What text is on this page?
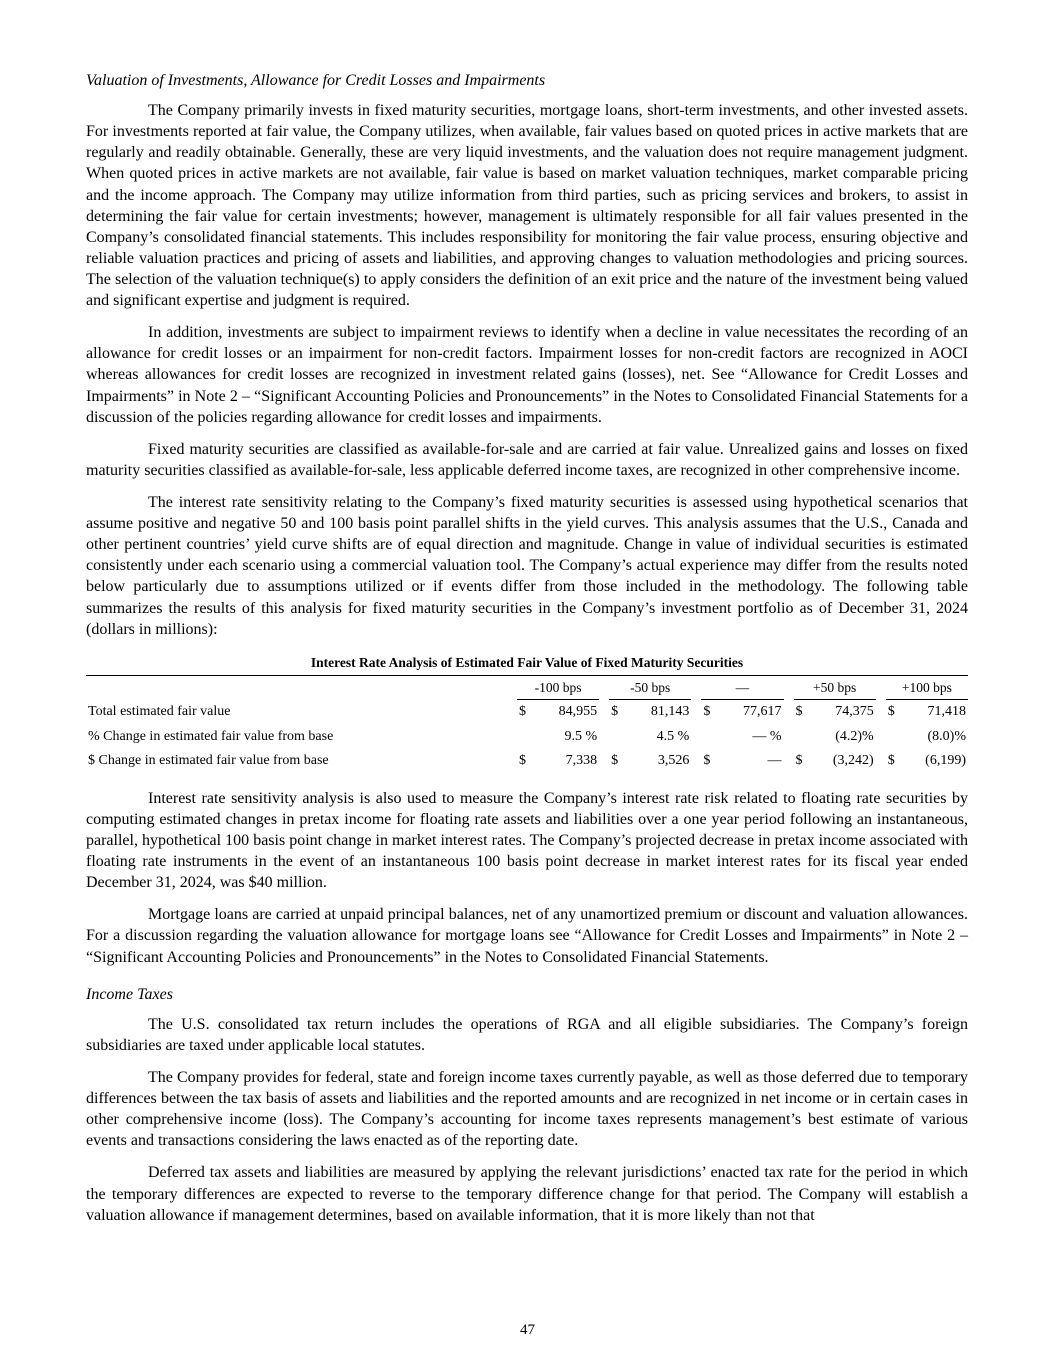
Valuation of Investments, Allowance for Credit Losses and Impairments

The Company primarily invests in fixed maturity securities, mortgage loans, short-term investments, and other invested assets. For investments reported at fair value, the Company utilizes, when available, fair values based on quoted prices in active markets that are regularly and readily obtainable. Generally, these are very liquid investments, and the valuation does not require management judgment. When quoted prices in active markets are not available, fair value is based on market valuation techniques, market comparable pricing and the income approach. The Company may utilize information from third parties, such as pricing services and brokers, to assist in determining the fair value for certain investments; however, management is ultimately responsible for all fair values presented in the Company’s consolidated financial statements. This includes responsibility for monitoring the fair value process, ensuring objective and reliable valuation practices and pricing of assets and liabilities, and approving changes to valuation methodologies and pricing sources. The selection of the valuation technique(s) to apply considers the definition of an exit price and the nature of the investment being valued and significant expertise and judgment is required.

In addition, investments are subject to impairment reviews to identify when a decline in value necessitates the recording of an allowance for credit losses or an impairment for non-credit factors. Impairment losses for non-credit factors are recognized in AOCI whereas allowances for credit losses are recognized in investment related gains (losses), net. See “Allowance for Credit Losses and Impairments” in Note 2 – “Significant Accounting Policies and Pronouncements” in the Notes to Consolidated Financial Statements for a discussion of the policies regarding allowance for credit losses and impairments.

Fixed maturity securities are classified as available-for-sale and are carried at fair value. Unrealized gains and losses on fixed maturity securities classified as available-for-sale, less applicable deferred income taxes, are recognized in other comprehensive income.

The interest rate sensitivity relating to the Company’s fixed maturity securities is assessed using hypothetical scenarios that assume positive and negative 50 and 100 basis point parallel shifts in the yield curves. This analysis assumes that the U.S., Canada and other pertinent countries’ yield curve shifts are of equal direction and magnitude. Change in value of individual securities is estimated consistently under each scenario using a commercial valuation tool. The Company’s actual experience may differ from the results noted below particularly due to assumptions utilized or if events differ from those included in the methodology. The following table summarizes the results of this analysis for fixed maturity securities in the Company’s investment portfolio as of December 31, 2024 (dollars in millions):

Interest Rate Analysis of Estimated Fair Value of Fixed Maturity Securities
	-100 bps			-50 bps			—			+50 bps			+100 bps	
Total estimated fair value	$	84,955		$	81,143		$	77,617		$	74,375		$	71,418
% Change in estimated fair value from base		9.5 %			4.5 %			— %			(4.2)%			(8.0)%
$ Change in estimated fair value from base	$	7,338		$	3,526		$	—		$	(3,242)		$	(6,199)

Interest rate sensitivity analysis is also used to measure the Company’s interest rate risk related to floating rate securities by computing estimated changes in pretax income for floating rate assets and liabilities over a one year period following an instantaneous, parallel, hypothetical 100 basis point change in market interest rates. The Company’s projected decrease in pretax income associated with floating rate instruments in the event of an instantaneous 100 basis point decrease in market interest rates for its fiscal year ended December 31, 2024, was $40 million.

Mortgage loans are carried at unpaid principal balances, net of any unamortized premium or discount and valuation allowances. For a discussion regarding the valuation allowance for mortgage loans see “Allowance for Credit Losses and Impairments” in Note 2 – “Significant Accounting Policies and Pronouncements” in the Notes to Consolidated Financial Statements.

Income Taxes

The U.S. consolidated tax return includes the operations of RGA and all eligible subsidiaries. The Company’s foreign subsidiaries are taxed under applicable local statutes.

The Company provides for federal, state and foreign income taxes currently payable, as well as those deferred due to temporary differences between the tax basis of assets and liabilities and the reported amounts and are recognized in net income or in certain cases in other comprehensive income (loss). The Company’s accounting for income taxes represents management’s best estimate of various events and transactions considering the laws enacted as of the reporting date.

Deferred tax assets and liabilities are measured by applying the relevant jurisdictions’ enacted tax rate for the period in which the temporary differences are expected to reverse to the temporary difference change for that period. The Company will establish a valuation allowance if management determines, based on available information, that it is more likely than not that

47
